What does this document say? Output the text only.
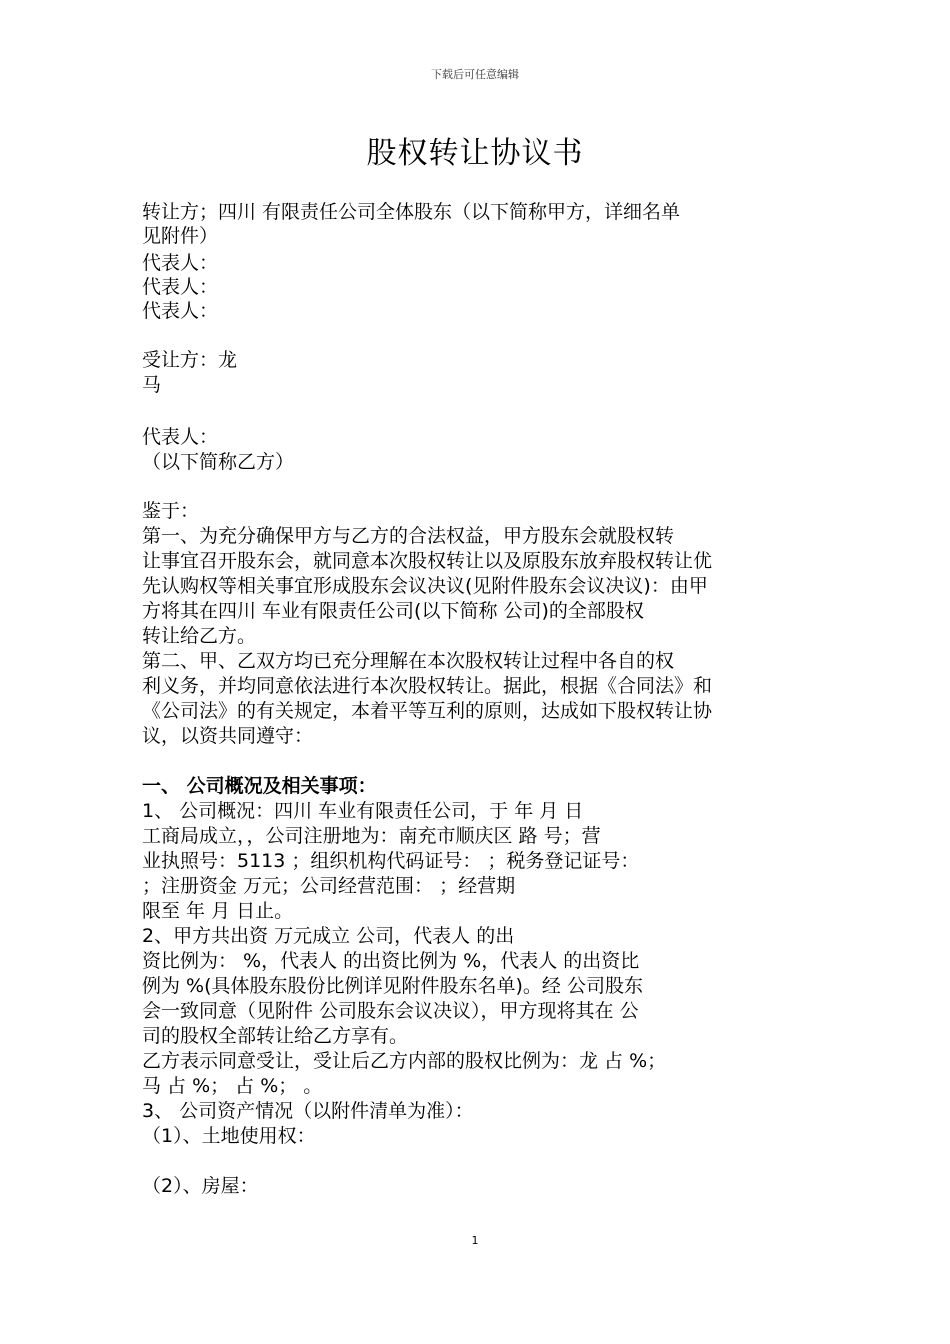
下载后可任意编辑
股权转让协议书
转让方；四川 有限责任公司全体股东（以下简称甲方，详细名单
见附件）
代表人：
代表人：
代表人：
受让方：龙
马
代表人：
（以下简称乙方）
鉴于：
第一、为充分确保甲方与乙方的合法权益，甲方股东会就股权转
让事宜召开股东会，就同意本次股权转让以及原股东放弃股权转让优
先认购权等相关事宜形成股东会议决议(见附件股东会议决议)：由甲
方将其在四川 车业有限责任公司(以下简称 公司)的全部股权
转让给乙方。
第二、甲、乙双方均已充分理解在本次股权转让过程中各自的权
利义务，并均同意依法进行本次股权转让。据此，根据《合同法》和
《公司法》的有关规定，本着平等互利的原则，达成如下股权转让协
议，以资共同遵守：
一、 公司概况及相关事项：
1、 公司概况：四川 车业有限责任公司，于 年 月 日
工商局成立，，公司注册地为：南充市顺庆区 路 号；营
业执照号：5113 ；组织机构代码证号： ；税务登记证号：
；注册资金 万元；公司经营范围： ；经营期
限至 年 月 日止。
2、甲方共出资 万元成立 公司，代表人 的出
资比例为： %，代表人 的出资比例为 %，代表人 的出资比
例为 %(具体股东股份比例详见附件股东名单)。经 公司股东
会一致同意（见附件 公司股东会议决议），甲方现将其在 公
司的股权全部转让给乙方享有。
乙方表示同意受让，受让后乙方内部的股权比例为：龙 占 %；
马 占 %； 占 %； 。
3、 公司资产情况（以附件清单为准）：
（1）、土地使用权：
（2）、房屋：
1
